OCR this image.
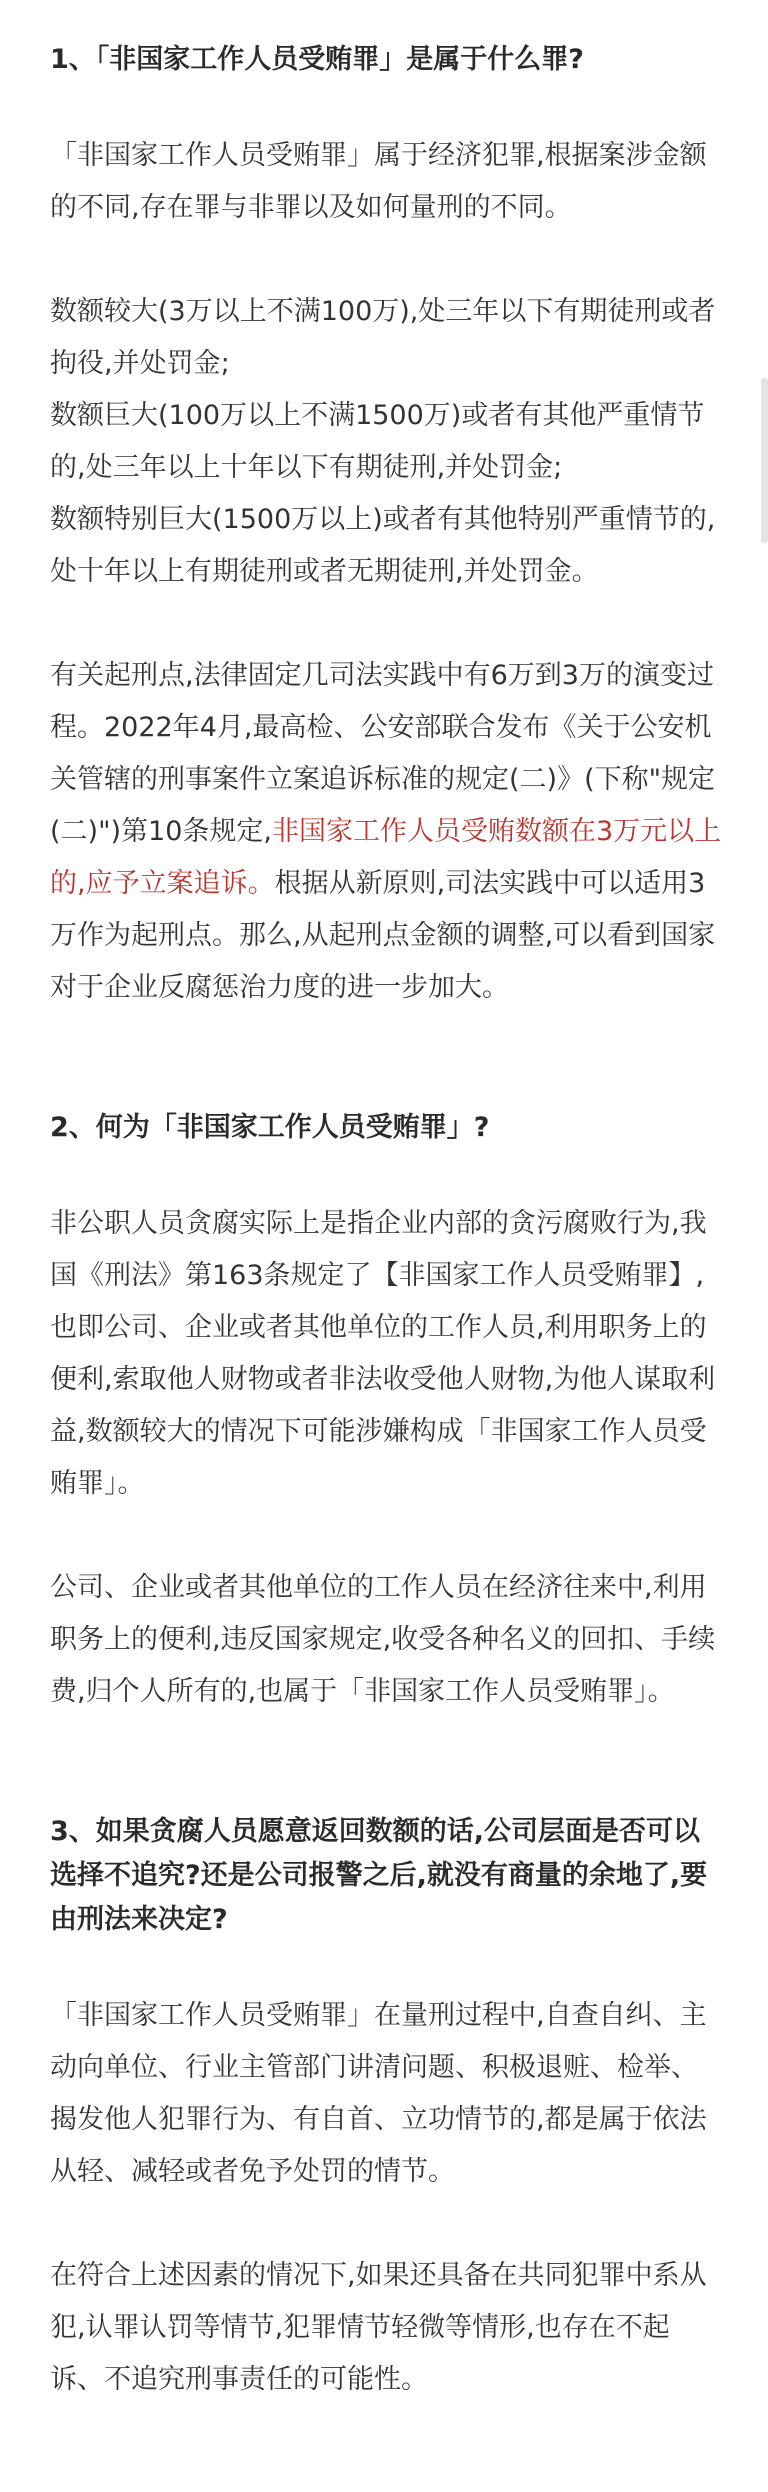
1、「非国家工作人员受贿罪」是属于什么罪?

「非国家工作人员受贿罪」属于经济犯罪,根据案涉金额的不同,存在罪与非罪以及如何量刑的不同。

数额较大(3万以上不满100万),处三年以下有期徒刑或者拘役,并处罚金;

数额巨大(100万以上不满1500万)或者有其他严重情节的,处三年以上十年以下有期徒刑,并处罚金;

数额特别巨大(1500万以上)或者有其他特别严重情节的,处十年以上有期徒刑或者无期徒刑,并处罚金。

有关起刑点,法律固定几司法实践中有6万到3万的演变过程。2022年4月,最高检、公安部联合发布《关于公安机关管辖的刑事案件立案追诉标准的规定(二)》(下称"规定(二)")第10条规定,非国家工作人员受贿数额在3万元以上的,应予立案追诉。根据从新原则,司法实践中可以适用3万作为起刑点。那么,从起刑点金额的调整,可以看到国家对于企业反腐惩治力度的进一步加大。

2、何为「非国家工作人员受贿罪」?

非公职人员贪腐实际上是指企业内部的贪污腐败行为,我国《刑法》第163条规定了【非国家工作人员受贿罪】,也即公司、企业或者其他单位的工作人员,利用职务上的便利,索取他人财物或者非法收受他人财物,为他人谋取利益,数额较大的情况下可能涉嫌构成「非国家工作人员受贿罪」。

公司、企业或者其他单位的工作人员在经济往来中,利用职务上的便利,违反国家规定,收受各种名义的回扣、手续费,归个人所有的,也属于「非国家工作人员受贿罪」。

3、如果贪腐人员愿意返回数额的话,公司层面是否可以选择不追究?还是公司报警之后,就没有商量的余地了,要由刑法来决定?

「非国家工作人员受贿罪」在量刑过程中,自查自纠、主动向单位、行业主管部门讲清问题、积极退赃、检举、揭发他人犯罪行为、有自首、立功情节的,都是属于依法从轻、减轻或者免予处罚的情节。

在符合上述因素的情况下,如果还具备在共同犯罪中系从犯,认罪认罚等情节,犯罪情节轻微等情形,也存在不起诉、不追究刑事责任的可能性。
